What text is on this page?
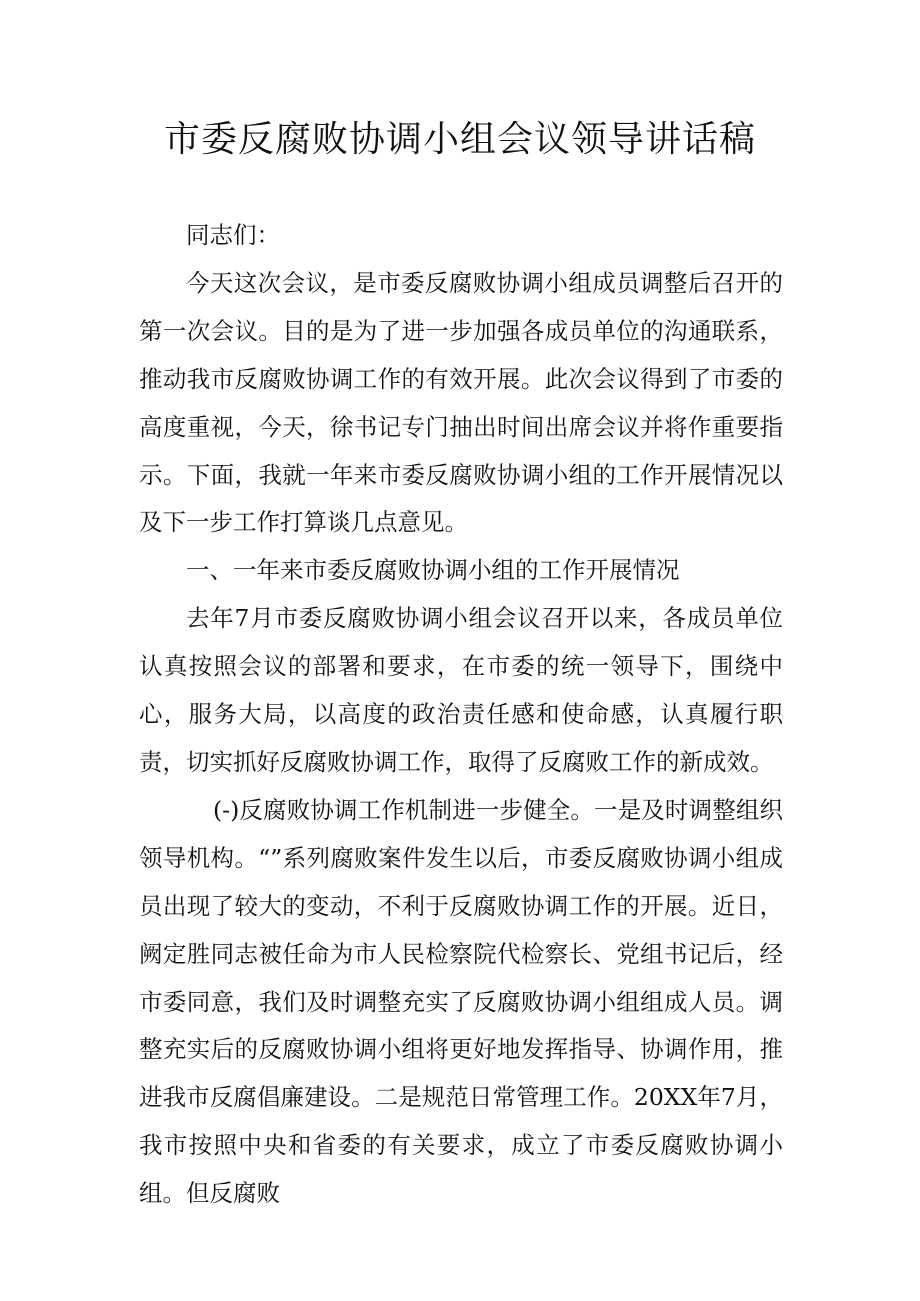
市委反腐败协调小组会议领导讲话稿

同志们：

今天这次会议，是市委反腐败协调小组成员调整后召开的第一次会议。目的是为了进一步加强各成员单位的沟通联系，推动我市反腐败协调工作的有效开展。此次会议得到了市委的高度重视，今天，徐书记专门抽出时间出席会议并将作重要指示。下面，我就一年来市委反腐败协调小组的工作开展情况以及下一步工作打算谈几点意见。

一、一年来市委反腐败协调小组的工作开展情况

去年7月市委反腐败协调小组会议召开以来，各成员单位认真按照会议的部署和要求，在市委的统一领导下，围绕中心，服务大局，以高度的政治责任感和使命感，认真履行职责，切实抓好反腐败协调工作，取得了反腐败工作的新成效。

(-)反腐败协调工作机制进一步健全。一是及时调整组织领导机构。“”系列腐败案件发生以后，市委反腐败协调小组成员出现了较大的变动，不利于反腐败协调工作的开展。近日，阙定胜同志被任命为市人民检察院代检察长、党组书记后，经市委同意，我们及时调整充实了反腐败协调小组组成人员。调整充实后的反腐败协调小组将更好地发挥指导、协调作用，推进我市反腐倡廉建设。二是规范日常管理工作。20XX年7月，我市按照中央和省委的有关要求，成立了市委反腐败协调小组。但反腐败
